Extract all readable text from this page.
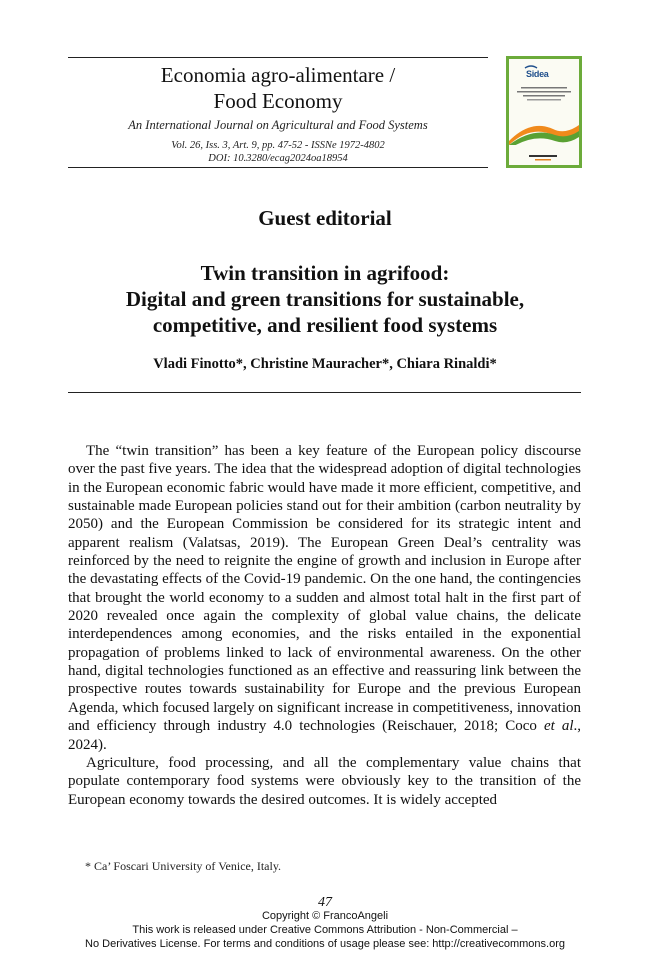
Economia agro-alimentare /
Food Economy
An International Journal on Agricultural and Food Systems
Vol. 26, Iss. 3, Art. 9, pp. 47-52 - ISSNe 1972-4802
DOI: 10.3280/ecag2024oa18954
Sidea
Guest editorial
Twin transition in agrifood:
Digital and green transitions for sustainable,
competitive, and resilient food systems
Vladi Finotto*, Christine Mauracher*, Chiara Rinaldi*

The “twin transition” has been a key feature of the European policy discourse over the past five years. The idea that the widespread adoption of digital technologies in the European economic fabric would have made it more efficient, competitive, and sustainable made European policies stand out for their ambition (carbon neutrality by 2050) and the European Commission be considered for its strategic intent and apparent realism (Valatsas, 2019). The European Green Deal’s centrality was reinforced by the need to reignite the engine of growth and inclusion in Europe after the devastating effects of the Covid-19 pandemic. On the one hand, the contingencies that brought the world economy to a sudden and almost total halt in the first part of 2020 revealed once again the complexity of global value chains, the delicate interdependences among economies, and the risks entailed in the exponential propagation of problems linked to lack of environmental awareness. On the other hand, digital technologies functioned as an effective and reassuring link between the prospective routes towards sustainability for Europe and the previous European Agenda, which focused largely on significant increase in competitiveness, innovation and efficiency through industry 4.0 technologies (Reischauer, 2018; Coco et al., 2024).

Agriculture, food processing, and all the complementary value chains that populate contemporary food systems were obviously key to the transition of the European economy towards the desired outcomes. It is widely accepted

* Ca’ Foscari University of Venice, Italy.
47
Copyright © FrancoAngeli
This work is released under Creative Commons Attribution - Non-Commercial –
No Derivatives License. For terms and conditions of usage please see: http://creativecommons.org
